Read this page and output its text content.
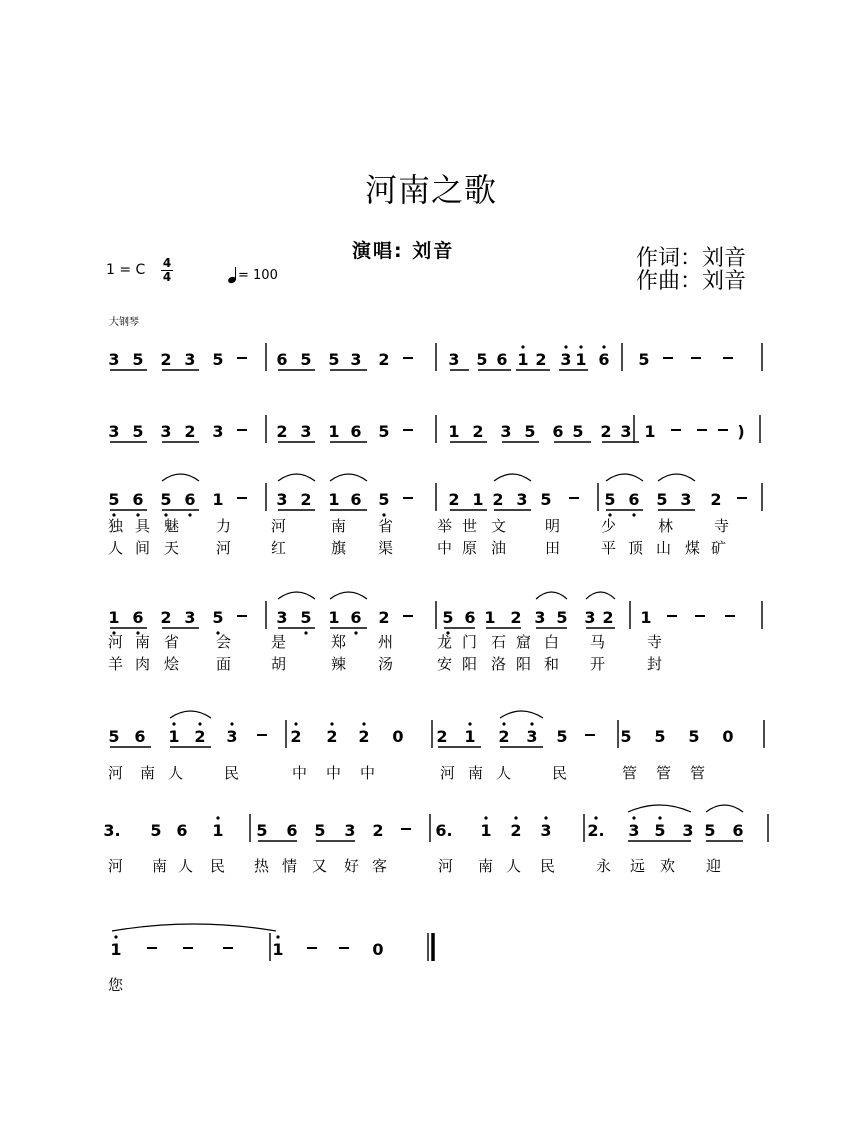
河南之歌
演唱: 刘音	作词：刘音
作曲：刘音
1 = C 4
4	= 100
大钢琴
3 5 2 3 5	6 5 5 3 2	3 5 6 1 2 3 1 6 5
3 5 3 2 3	2 3 1 6 5	1 2 3 5 6 5 2 3 1	)
5 6 5 6 1	3 2 1 6 5	2 1 2 3 5	5 6 5 3 2
1 6 2 3 5	3 5 1 6 2	5 6 1 2 3 5 3 2 1
5 6 1 2 3	2 2 2 0 2 1 2 3 5	5 5 5 0
3. 5 6 1 5 6 5 3 2	6. 1 2 3 2. 3 5 3 5 6
1	1	0
独 具 魅 力	河	南 省	举 世 文	明	少	林	寺
人 间 天 河	红	旗 渠	中 原 油	田	平 顶 山 煤 矿
河 南 省 会	是	郑 州	龙 门 石 窟 白 马	寺
羊 肉 烩 面	胡	辣 汤	安 阳 洛 阳 和 开	封
河 南 人	民	中 中 中	河 南 人	民	管 管 管
河 南 人 民 热 情 又 好 客	河 南 人 民	永 远 欢 迎
您
